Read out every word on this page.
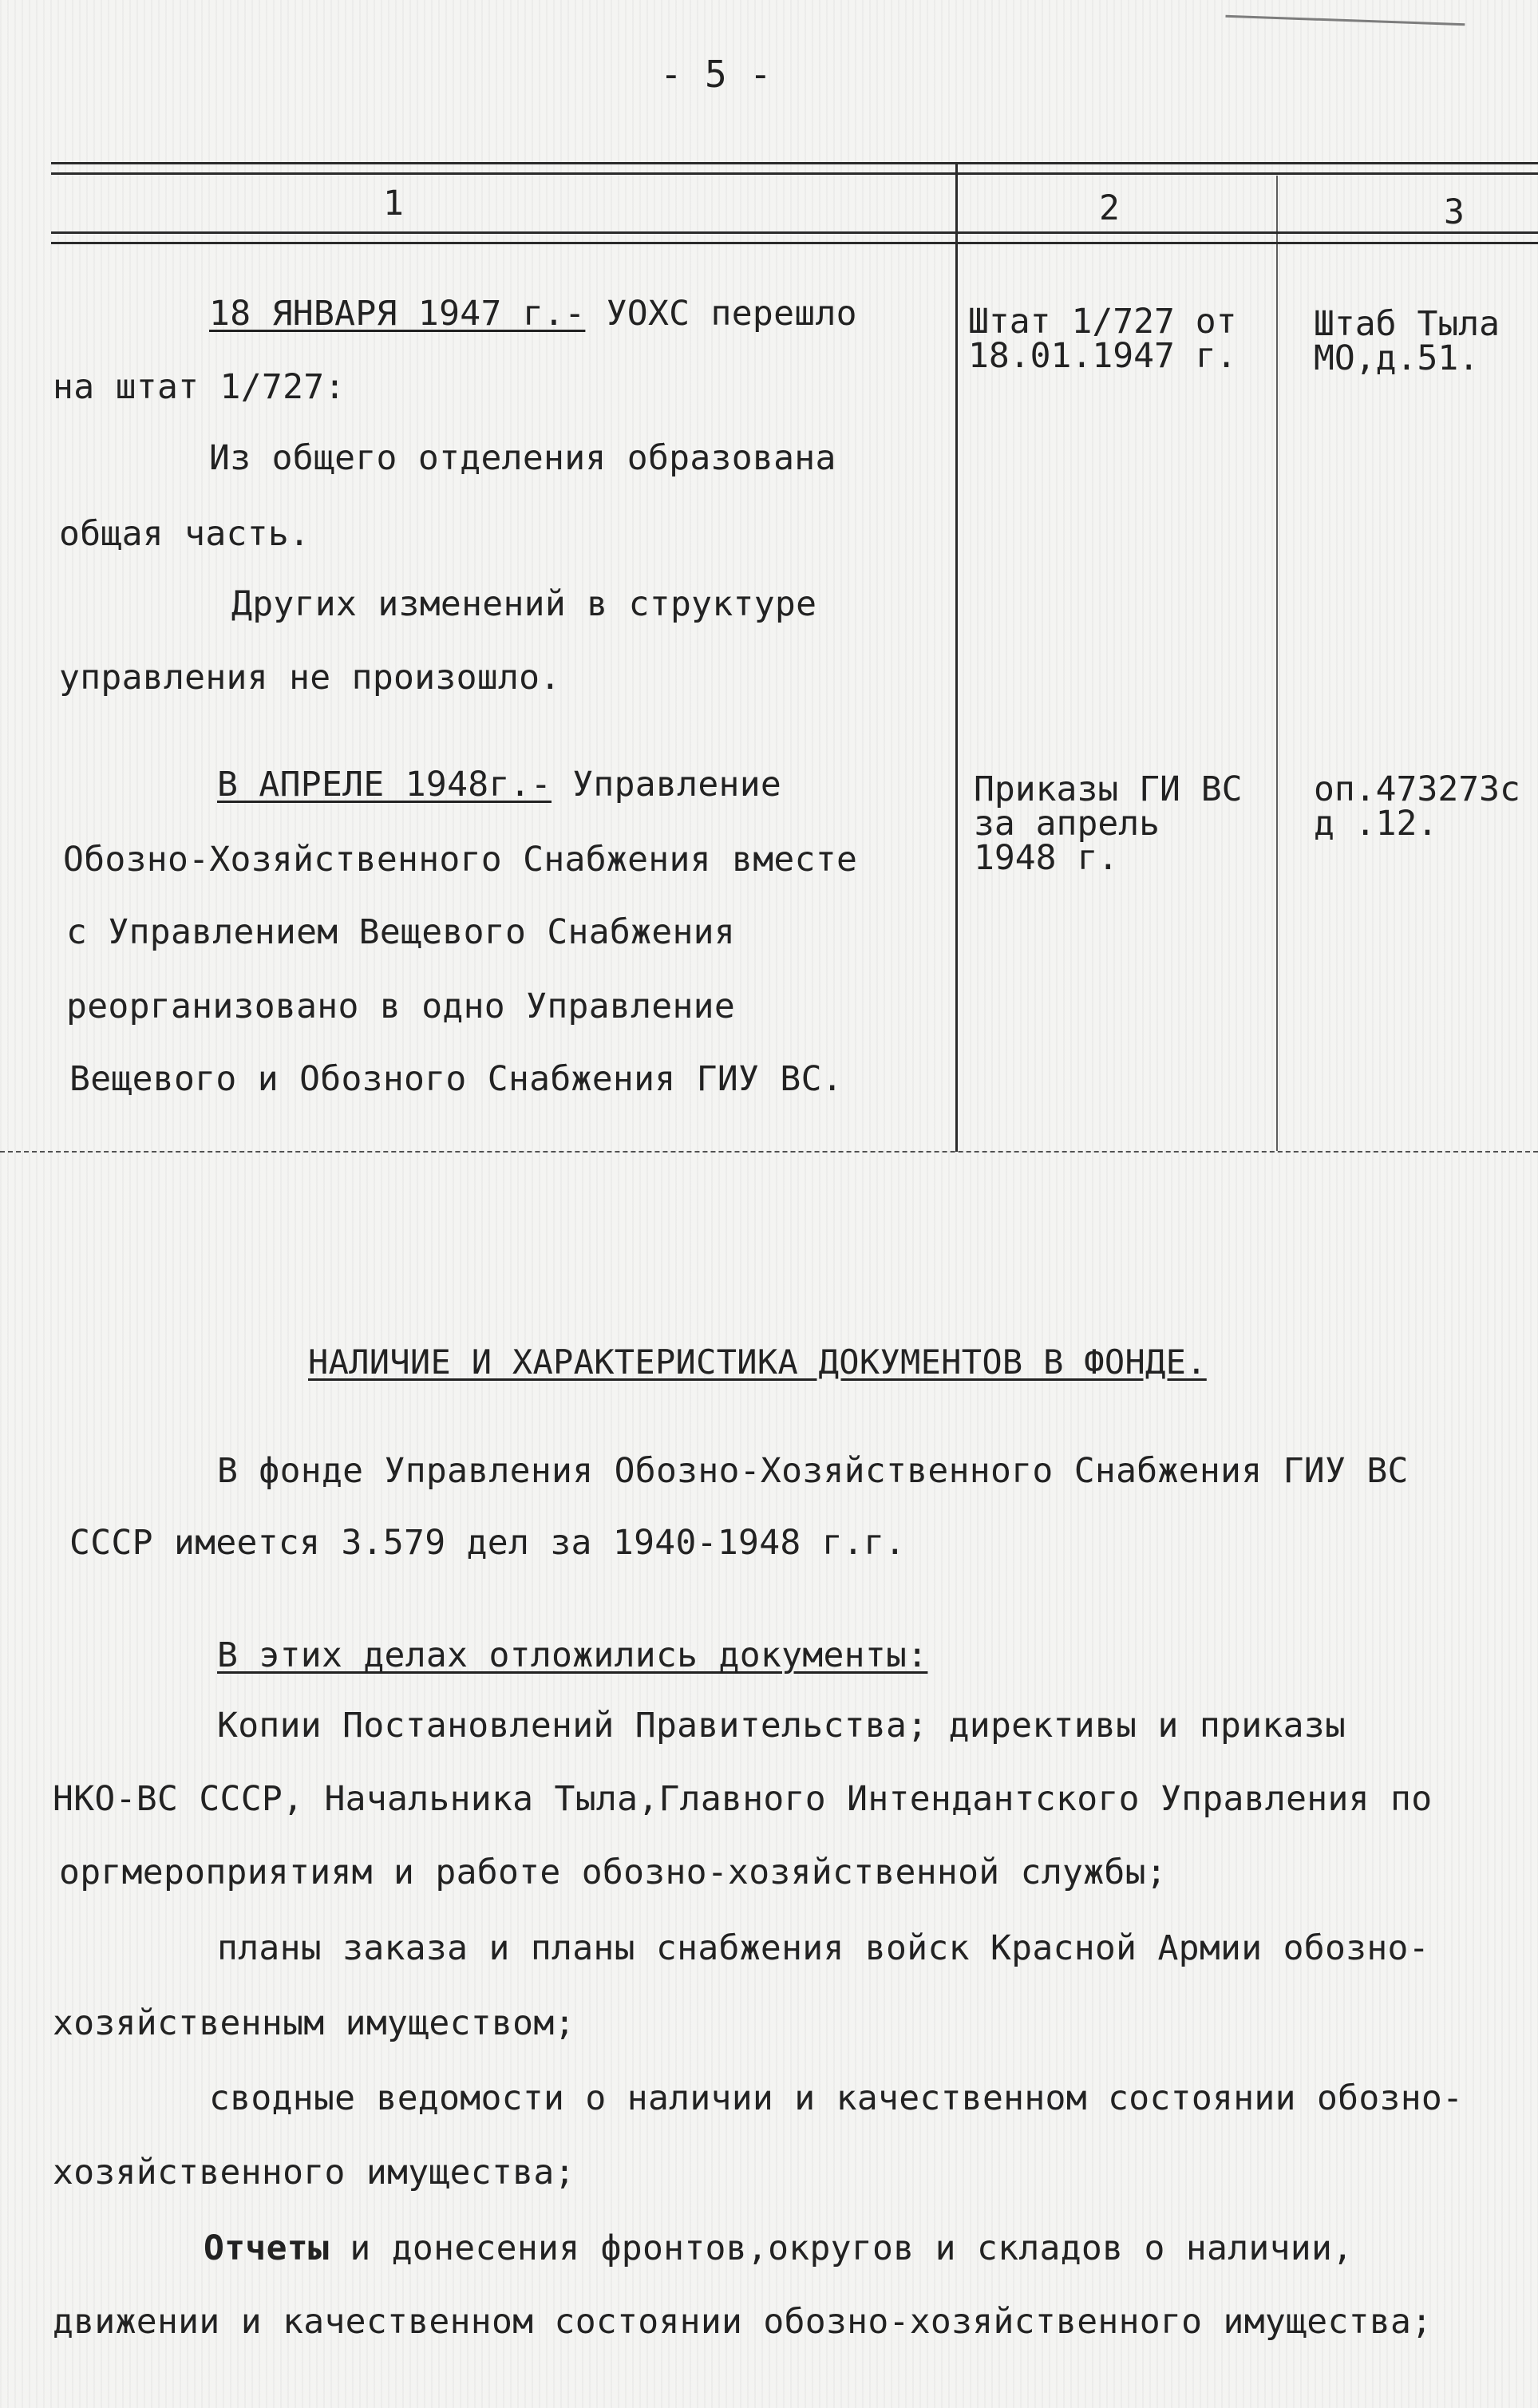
- 5 -
1	2	3
18 ЯНВАРЯ 1947 г.- УОХС перешло
на штат 1/727:
Из общего отделения образована
общая часть.
Других изменений в структуре
управления не произошло.
Штат 1/727 от
18.01.1947 г.
Штаб Тыла
МО,д.51.
В АПРЕЛЕ 1948г.- Управление
Обозно-Хозяйственного Снабжения вместе
с Управлением Вещевого Снабжения
реорганизовано в одно Управление
Вещевого и Обозного Снабжения ГИУ ВС.
Приказы ГИ ВС
за апрель
1948 г.
оп.473273с
д .12.
НАЛИЧИЕ И ХАРАКТЕРИСТИКА ДОКУМЕНТОВ В ФОНДЕ.
В фонде Управления Обозно-Хозяйственного Снабжения ГИУ ВС
СССР имеется 3.579 дел за 1940-1948 г.г.
В этих делах отложились документы:
Копии Постановлений Правительства; директивы и приказы
НКО-ВС СССР, Начальника Тыла,Главного Интендантского Управления по
оргмероприятиям и работе обозно-хозяйственной службы;
планы заказа и планы снабжения войск Красной Армии обозно-
хозяйственным имуществом;
сводные ведомости о наличии и качественном состоянии обозно-
хозяйственного имущества;
Отчеты и донесения фронтов,округов и складов о наличии,
движении и качественном состоянии обозно-хозяйственного имущества;
